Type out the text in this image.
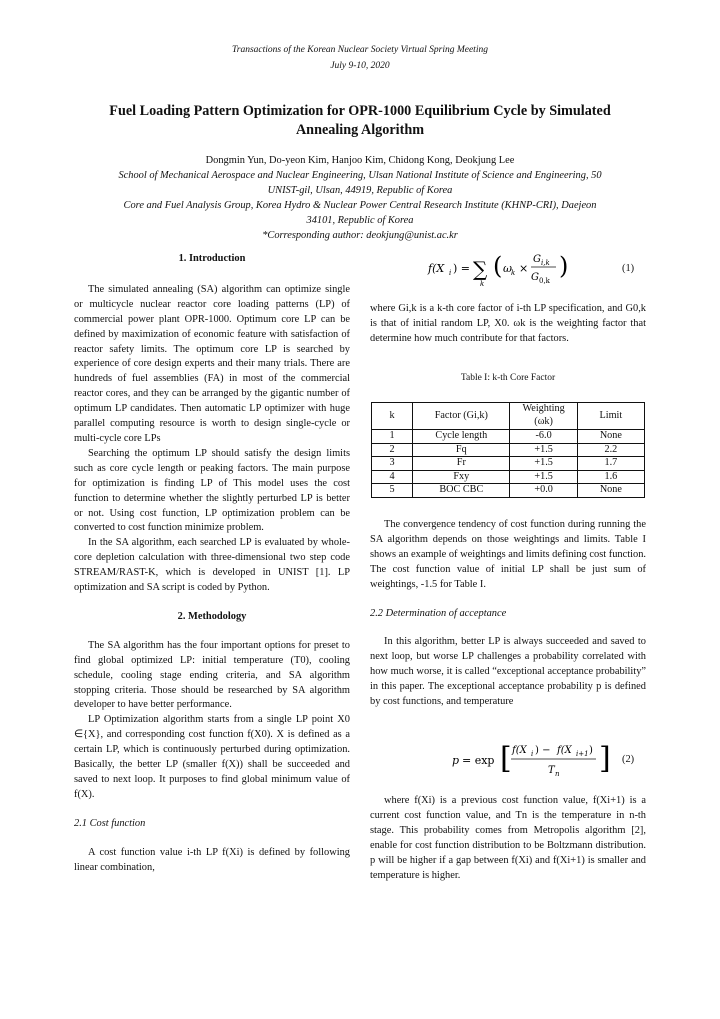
Transactions of the Korean Nuclear Society Virtual Spring Meeting
July 9-10, 2020
Fuel Loading Pattern Optimization for OPR-1000 Equilibrium Cycle by Simulated
Annealing Algorithm
Dongmin Yun, Do-yeon Kim, Hanjoo Kim, Chidong Kong, Deokjung Lee
School of Mechanical Aerospace and Nuclear Engineering, Ulsan National Institute of Science and Engineering, 50
UNIST-gil, Ulsan, 44919, Republic of Korea
Core and Fuel Analysis Group, Korea Hydro & Nuclear Power Central Research Institute (KHNP-CRI), Daejeon
34101, Republic of Korea
*Corresponding author: deokjung@unist.ac.kr
1. Introduction

The simulated annealing (SA) algorithm can optimize single or multicycle nuclear reactor core loading patterns (LP) of commercial power plant OPR-1000. Optimum core LP can be defined by maximization of economic feature with satisfaction of reactor safety limits. The optimum core LP is searched by experience of core design experts and their many trials. There are hundreds of fuel assemblies (FA) in most of the commercial reactor cores, and they can be arranged by the gigantic number of optimum LP candidates. Then automatic LP optimizer with huge parallel computing resource is worth to design single-cycle or multi-cycle core LPs

Searching the optimum LP should satisfy the design limits such as core cycle length or peaking factors. The main purpose for optimization is finding LP of This model uses the cost function to determine whether the slightly perturbed LP is better or not. Using cost function, LP optimization problem can be converted to cost function minimize problem.

In the SA algorithm, each searched LP is evaluated by whole-core depletion calculation with three-dimensional two step code STREAM/RAST-K, which is developed in UNIST [1]. LP optimization and SA script is coded by Python.

2. Methodology

The SA algorithm has the four important options for preset to find global optimized LP: initial temperature (T0), cooling schedule, cooling stage ending criteria, and SA algorithm stopping criteria. Those should be researched by SA algorithm developer to have better performance.

LP Optimization algorithm starts from a single LP point X0 ∈{X}, and corresponding cost function f(X0). X is defined as a certain LP, which is continuously perturbed during optimization. Basically, the better LP (smaller f(X)) shall be succeeded and saved to next loop. It purposes to find global minimum value of f(X).

2.1 Cost function

A cost function value i-th LP f(Xi) is defined by following linear combination,

f(X i ) = ∑
k
( ω k ×
G i,k
G 0,k
)	(1)

where Gi,k is a k-th core factor of i-th LP specification, and G0,k is that of initial random LP, X0. ωk is the weighting factor that determine how much contribute for that factors.

Table I: k-th Core Factor
k	Factor (Gi,k)	Weighting (ωk)	Limit
1	Cycle length	-6.0	None
2	Fq	+1.5	2.2
3	Fr	+1.5	1.7
4	Fxy	+1.5	1.6
5	BOC CBC	+0.0	None

The convergence tendency of cost function during running the SA algorithm depends on those weightings and limits. Table I shows an example of weightings and limits defining cost function. The cost function value of initial LP shall be just sum of weightings, -1.5 for Table I.

2.2 Determination of acceptance

In this algorithm, better LP is always succeeded and saved to next loop, but worse LP challenges a probability correlated with how much worse, it is called “exceptional acceptance probability” in this paper. The exceptional acceptance probability p is defined by cost functions, and temperature

p = exp [ f(X i ) − f(X i+1 )
T n ] (2)

where f(Xi) is a previous cost function value, f(Xi+1) is a current cost function value, and Tn is the temperature in n-th stage. This probability comes from Metropolis algorithm [2], enable for cost function distribution to be Boltzmann distribution. p will be higher if a gap between f(Xi) and f(Xi+1) is smaller and temperature is higher.
